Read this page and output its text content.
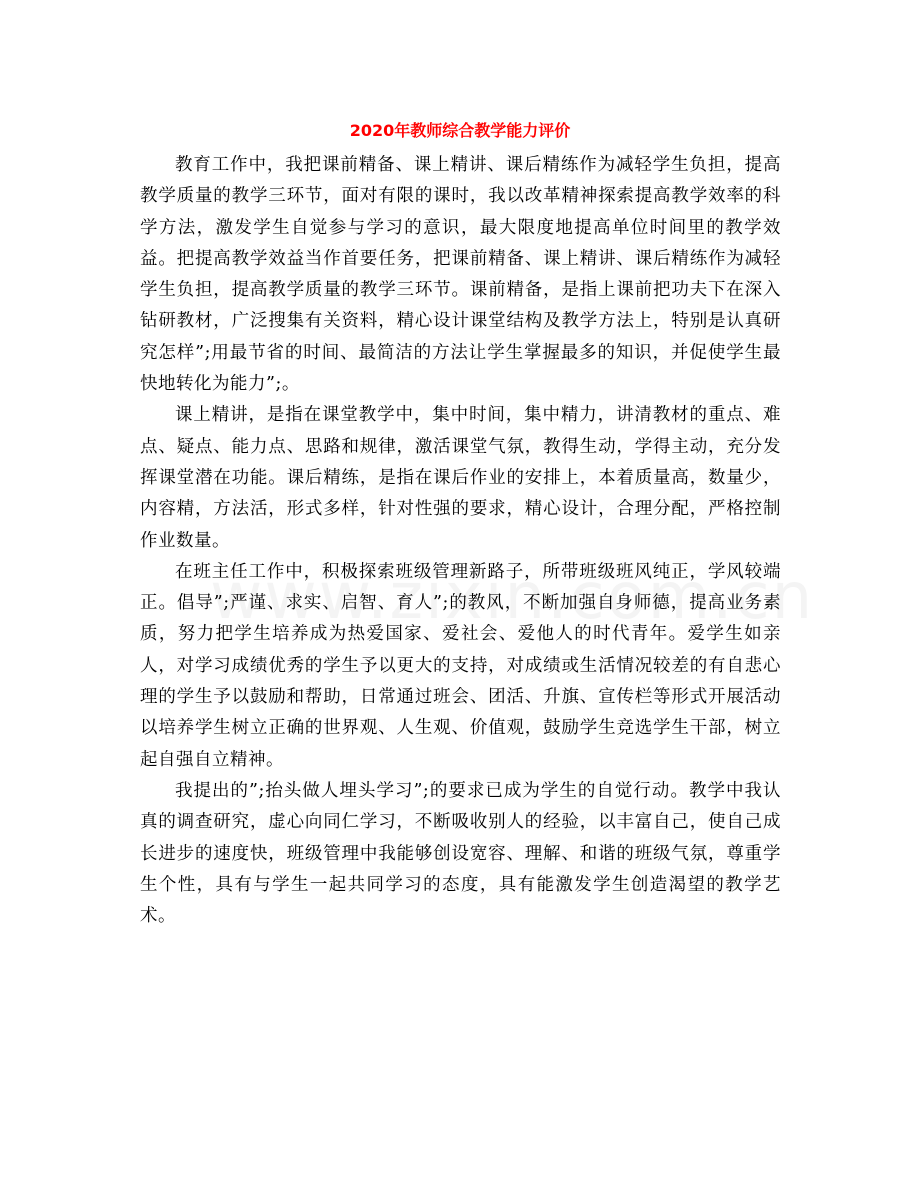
2020年教师综合教学能力评价

教育工作中，我把课前精备、课上精讲、课后精练作为减轻学生负担，提高教学质量的教学三环节，面对有限的课时，我以改革精神探索提高教学效率的科学方法，激发学生自觉参与学习的意识，最大限度地提高单位时间里的教学效益。把提高教学效益当作首要任务，把课前精备、课上精讲、课后精练作为减轻学生负担，提高教学质量的教学三环节。课前精备，是指上课前把功夫下在深入钻研教材，广泛搜集有关资料，精心设计课堂结构及教学方法上，特别是认真研究怎样”;用最节省的时间、最简洁的方法让学生掌握最多的知识，并促使学生最快地转化为能力”;。

课上精讲，是指在课堂教学中，集中时间，集中精力，讲清教材的重点、难点、疑点、能力点、思路和规律，激活课堂气氛，教得生动，学得主动，充分发挥课堂潜在功能。课后精练，是指在课后作业的安排上，本着质量高，数量少，内容精，方法活，形式多样，针对性强的要求，精心设计，合理分配，严格控制作业数量。

在班主任工作中，积极探索班级管理新路子，所带班级班风纯正，学风较端正。倡导”;严谨、求实、启智、育人”;的教风，不断加强自身师德，提高业务素质，努力把学生培养成为热爱国家、爱社会、爱他人的时代青年。爱学生如亲人，对学习成绩优秀的学生予以更大的支持，对成绩或生活情况较差的有自悲心理的学生予以鼓励和帮助，日常通过班会、团活、升旗、宣传栏等形式开展活动以培养学生树立正确的世界观、人生观、价值观，鼓励学生竞选学生干部，树立起自强自立精神。

我提出的”;抬头做人埋头学习”;的要求已成为学生的自觉行动。教学中我认真的调查研究，虚心向同仁学习，不断吸收别人的经验，以丰富自己，使自己成长进步的速度快，班级管理中我能够创设宽容、理解、和谐的班级气氛，尊重学生个性，具有与学生一起共同学习的态度，具有能激发学生创造渴望的教学艺术。
